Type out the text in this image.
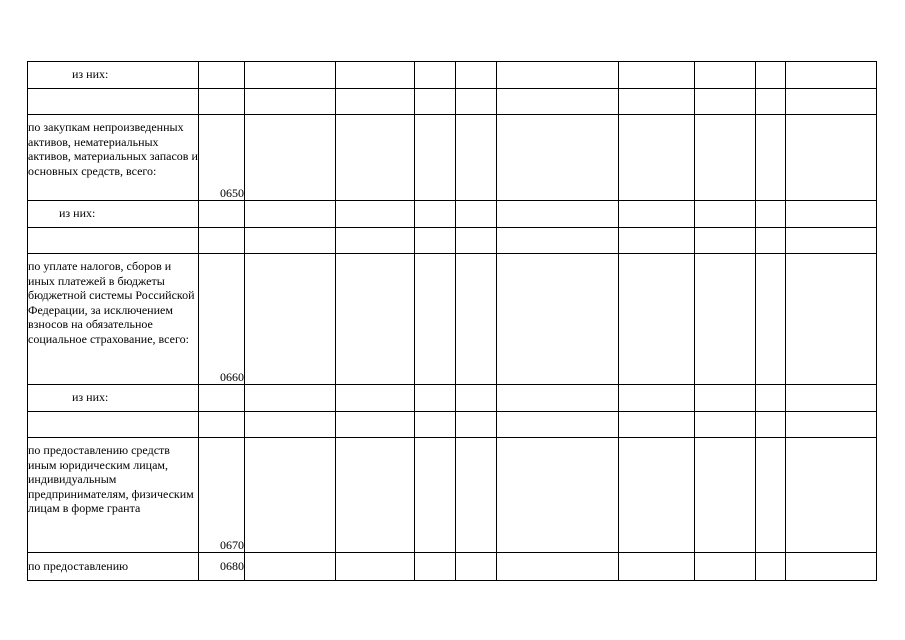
из них:										

по закупкам непроизведенных активов, нематериальных активов, материальных запасов и основных средств, всего:	0650									
из них:										

по уплате налогов, сборов и иных платежей в бюджеты бюджетной системы Российской Федерации, за исключением взносов на обязательное социальное страхование, всего:	0660									
из них:										

по предоставлению средств иным юридическим лицам, индивидуальным предпринимателям, физическим лицам в форме гранта	0670									
по предоставлению	0680									
